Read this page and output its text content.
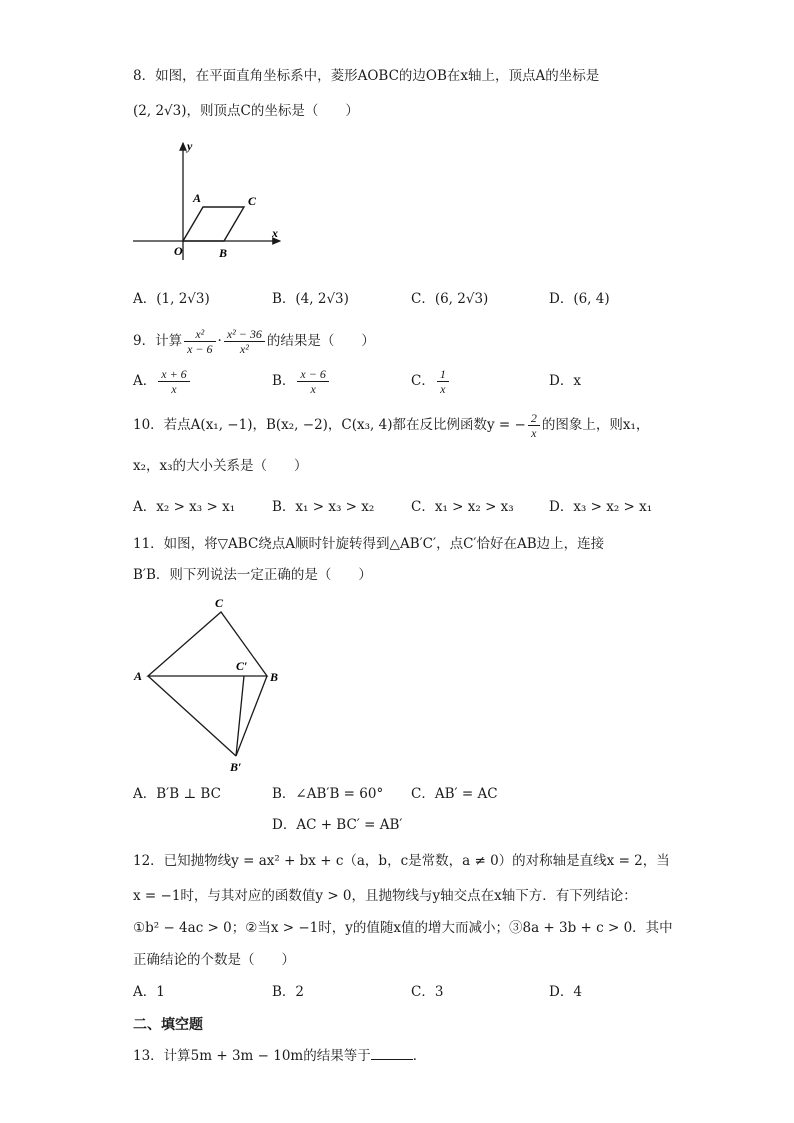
8．如图，在平面直角坐标系中，菱形AOBC的边OB在x轴上，顶点A的坐标是
(2, 2√3)，则顶点C的坐标是（　　）
y
x
O
A	C
B
A．(1, 2√3)	B．(4, 2√3)	C．(6, 2√3)	D．(6, 4)
9．计算 $\frac{\text{x²}}{x - 6} \cdot \frac{\text{x² − 36}}{\text{x²}}$ 的结果是（　　）
A． $\frac{x + 6}{x}$	B． $\frac{x - 6}{x}$	C． $\frac{1}{x}$	D．x
10．若点A(x₁, −1)，B(x₂, −2)，C(x₃, 4)都在反比例函数y = − $\frac{2}{x}$ 的图象上，则x₁，
x₂，x₃的大小关系是（　　）
A．x₂ > x₃ > x₁	B．x₁ > x₃ > x₂	C．x₁ > x₂ > x₃	D．x₃ > x₂ > x₁
11．如图，将▽ABC绕点A顺时针旋转得到△AB′C′，点C′恰好在AB边上，连接
B′B．则下列说法一定正确的是（　　）
A
C
B
C′
B′
A．B′B ⊥ BC	B．∠AB′B = 60° C．AB′ = AC
D．AC + BC′ = AB′
12．已知抛物线y = ax² + bx + c（a，b，c是常数，a ≠ 0）的对称轴是直线x = 2，当
x = −1时，与其对应的函数值y > 0，且抛物线与y轴交点在x轴下方．有下列结论：
①b² − 4ac > 0；②当x > −1时，y的值随x值的增大而减小；③8a + 3b + c > 0．其中
正确结论的个数是（　　）
A．1	B．2	C．3	D．4
二、填空题
13．计算5m + 3m − 10m的结果等于	．
